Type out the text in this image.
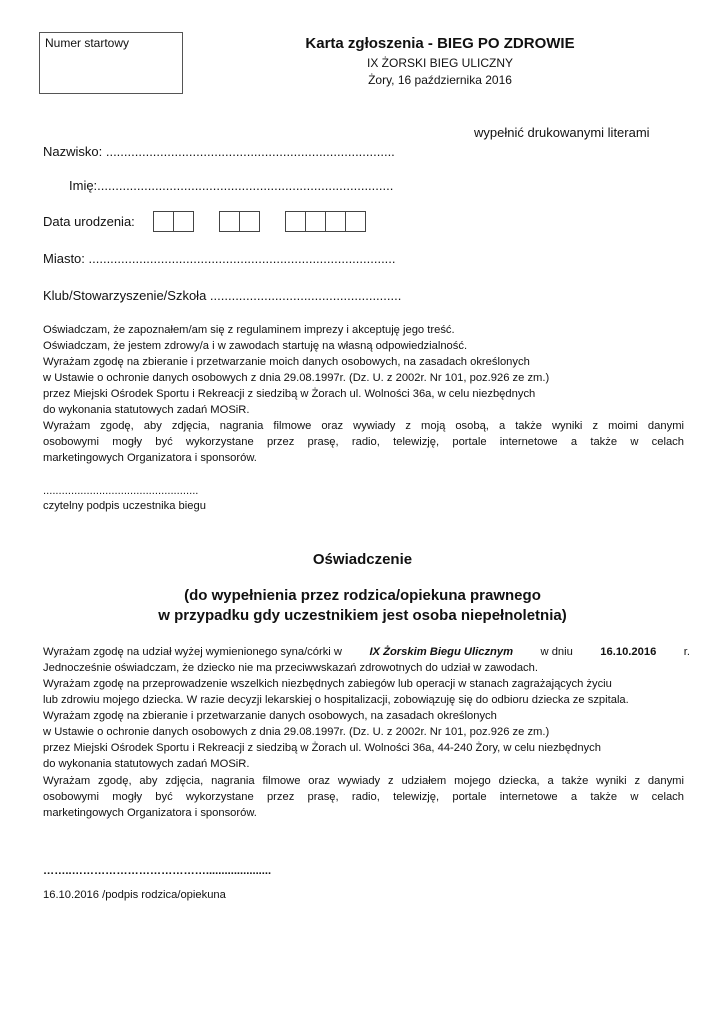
Numer startowy	Karta zgłoszenia - BIEG PO ZDROWIE
IX ŻORSKI BIEG ULICZNY
Żory, 16 października 2016
wypełnić drukowanymi literami
Nazwisko: ................................................................................
Imię:..................................................................................
Data urodzenia:
Miasto: .....................................................................................
Klub/Stowarzyszenie/Szkoła .....................................................
Oświadczam, że zapoznałem/am się z regulaminem imprezy i akceptuję jego treść.
Oświadczam, że jestem zdrowy/a i w zawodach startuję na własną odpowiedzialność.
Wyrażam zgodę na zbieranie i przetwarzanie moich danych osobowych, na zasadach określonych
w Ustawie o ochronie danych osobowych z dnia 29.08.1997r. (Dz. U. z 2002r. Nr 101, poz.926 ze zm.)
przez Miejski Ośrodek Sportu i Rekreacji z siedzibą w Żorach ul. Wolności 36a, w celu niezbędnych
do wykonania statutowych zadań MOSiR.
Wyrażam zgodę, aby zdjęcia, nagrania filmowe oraz wywiady z moją osobą, a także wyniki z moimi danymi
osobowymi mogły być wykorzystane przez prasę, radio, telewizję, portale internetowe a także w celach
marketingowych Organizatora i sponsorów.
..................................................
czytelny podpis uczestnika biegu
Oświadczenie
(do wypełnienia przez rodzica/opiekuna prawnego
w przypadku gdy uczestnikiem jest osoba niepełnoletnia)
Wyrażam zgodę na udział wyżej wymienionego syna/córki w IX Żorskim Biegu Ulicznym w dniu 16.10.2016 r.
Jednocześnie oświadczam, że dziecko nie ma przeciwwskazań zdrowotnych do udział w zawodach.
Wyrażam zgodę na przeprowadzenie wszelkich niezbędnych zabiegów lub operacji w stanach zagrażających życiu
lub zdrowiu mojego dziecka. W razie decyzji lekarskiej o hospitalizacji, zobowiązuję się do odbioru dziecka ze szpitala.
Wyrażam zgodę na zbieranie i przetwarzanie danych osobowych, na zasadach określonych
w Ustawie o ochronie danych osobowych z dnia 29.08.1997r. (Dz. U. z 2002r. Nr 101, poz.926 ze zm.)
przez Miejski Ośrodek Sportu i Rekreacji z siedzibą w Żorach ul. Wolności 36a, 44-240 Żory, w celu niezbędnych
do wykonania statutowych zadań MOSiR.
Wyrażam zgodę, aby zdjęcia, nagrania filmowe oraz wywiady z udziałem mojego dziecka, a także wyniki z danymi
osobowymi mogły być wykorzystane przez prasę, radio, telewizję, portale internetowe a także w celach
marketingowych Organizatora i sponsorów.
……..……………………………….....................
16.10.2016 /podpis rodzica/opiekuna
